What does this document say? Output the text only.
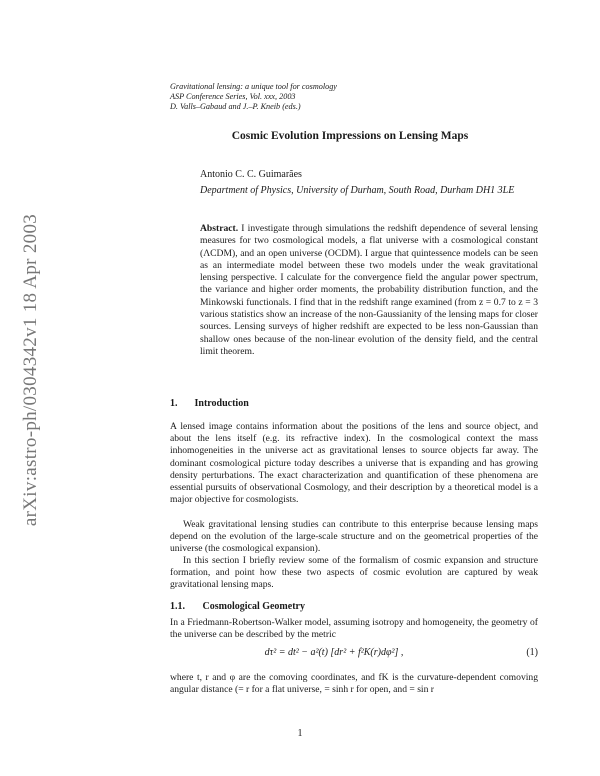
arXiv:astro-ph/0304342v1 18 Apr 2003
Gravitational lensing: a unique tool for cosmology
ASP Conference Series, Vol. xxx, 2003
D. Valls–Gabaud and J.–P. Kneib (eds.)
Cosmic Evolution Impressions on Lensing Maps
Antonio C. C. Guimarães
Department of Physics, University of Durham, South Road, Durham DH1 3LE
Abstract. I investigate through simulations the redshift dependence of several lensing measures for two cosmological models, a flat universe with a cosmological constant (ΛCDM), and an open universe (OCDM). I argue that quintessence models can be seen as an intermediate model between these two models under the weak gravitational lensing perspective. I calculate for the convergence field the angular power spectrum, the variance and higher order moments, the probability distribution function, and the Minkowski functionals. I find that in the redshift range examined (from z = 0.7 to z = 3 various statistics show an increase of the non-Gaussianity of the lensing maps for closer sources. Lensing surveys of higher redshift are expected to be less non-Gaussian than shallow ones because of the non-linear evolution of the density field, and the central limit theorem.
1. Introduction
A lensed image contains information about the positions of the lens and source object, and about the lens itself (e.g. its refractive index). In the cosmological context the mass inhomogeneities in the universe act as gravitational lenses to source objects far away. The dominant cosmological picture today describes a universe that is expanding and has growing density perturbations. The exact characterization and quantification of these phenomena are essential pursuits of observational Cosmology, and their description by a theoretical model is a major objective for cosmologists.
Weak gravitational lensing studies can contribute to this enterprise because lensing maps depend on the evolution of the large-scale structure and on the geometrical properties of the universe (the cosmological expansion).
In this section I briefly review some of the formalism of cosmic expansion and structure formation, and point how these two aspects of cosmic evolution are captured by weak gravitational lensing maps.
1.1. Cosmological Geometry
In a Friedmann-Robertson-Walker model, assuming isotropy and homogeneity, the geometry of the universe can be described by the metric
dτ² = dt² − a²(t) [dr² + f²K(r)dφ²] ,	(1)
where t, r and φ are the comoving coordinates, and fK is the curvature-dependent comoving angular distance (= r for a flat universe, = sinh r for open, and = sin r
1
